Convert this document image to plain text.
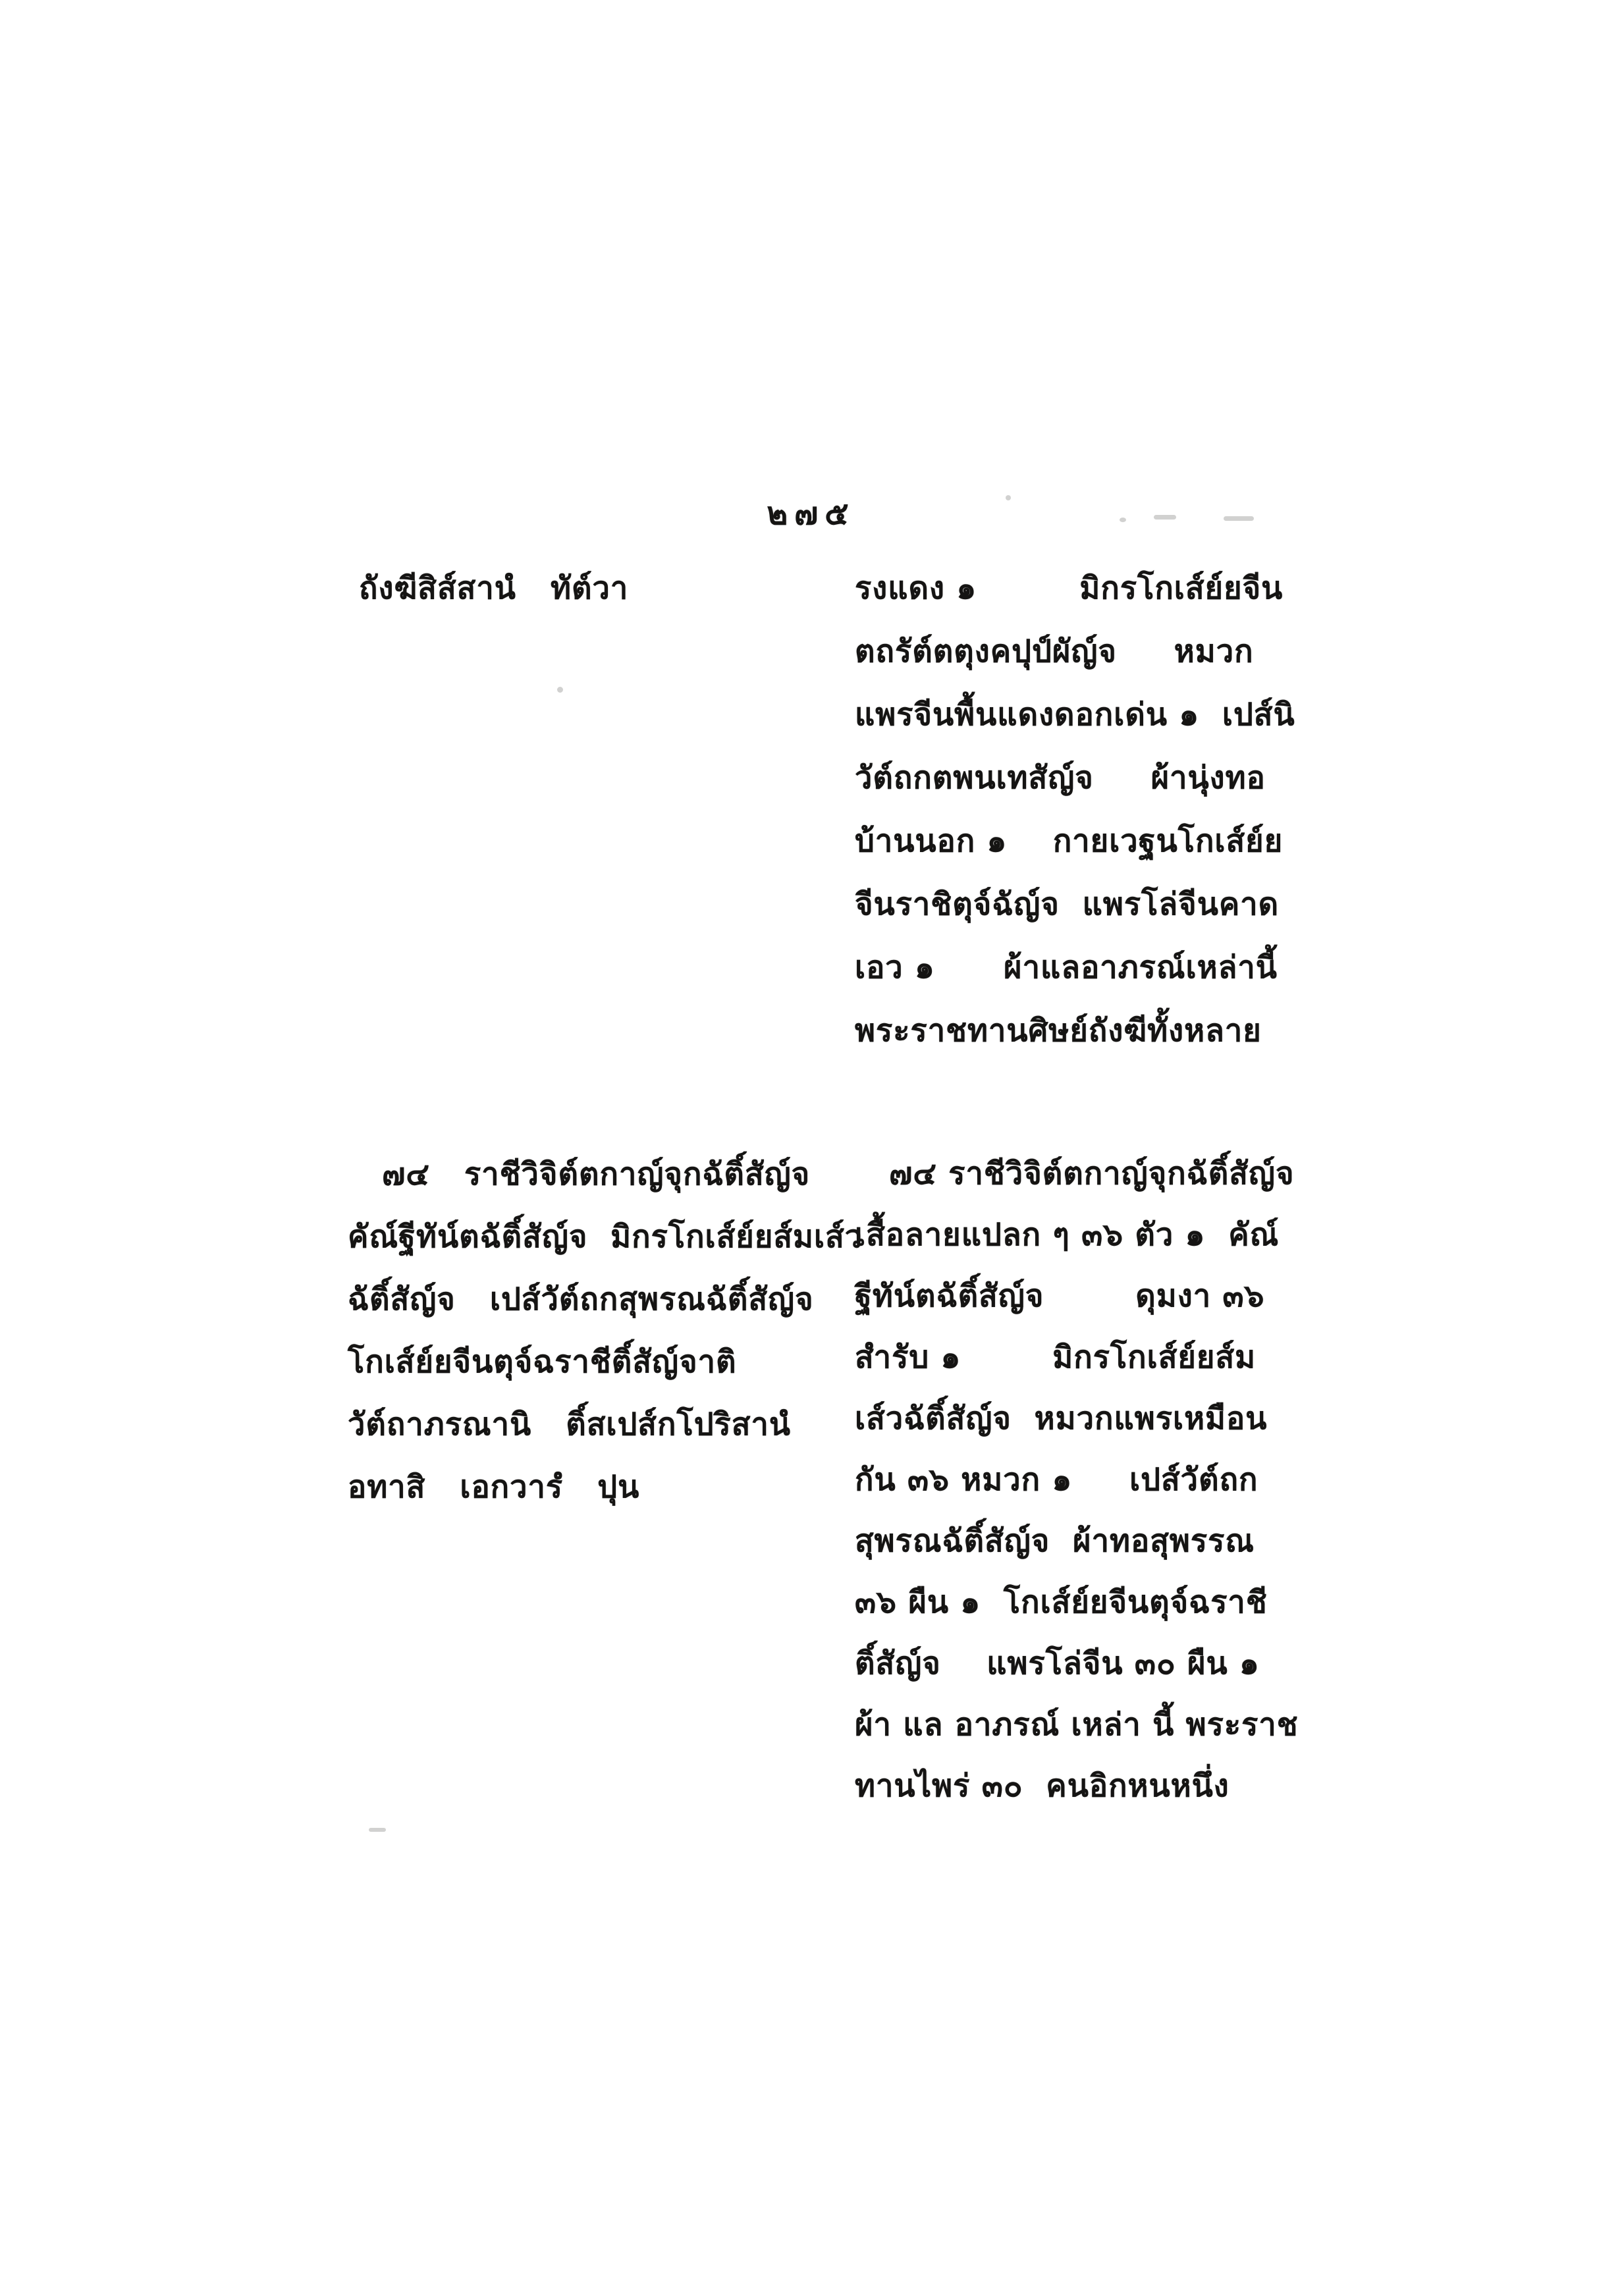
๒๗๕
ถังฆีสิส์สานํ   ทัต์วา	รงแดง ๑         มิกรโกเส์ย์ยจีน
ตถรัต์ตตุงคปุป์ผัญ์จ     หมวก
แพรจีนพื้นแดงดอกเด่น ๑  เปส์นิ
วัต์ถกตพนเทสัญ์จ     ผ้านุ่งทอ
บ้านนอก ๑    กายเวฐนโกเส์ย์ย
จีนราชิตุจ์ฉัญ์จ  แพรโล่จีนคาด
เอว ๑      ผ้าแลอาภรณ์เหล่านี้
พระราชทานศิษย์ถังฆีทั้งหลาย
๗๔   ราชีวิจิต์ตกาญ์จุกฉัติ์สัญ์จ
คัณ์ฐีทัน์ตฉัติ์สัญ์จ  มิกรโกเส์ย์ยส์มเส์ว
ฉัติ์สัญ์จ   เปส์วัต์ถกสุพรณฉัติ์สัญ์จ
โกเส์ย์ยจีนตุจ์ฉราชีติ์สัญ์จาติ
วัต์ถาภรณานิ   ติ์สเปส์กโปริสานํ
อทาสิ   เอกวารํ   ปุน
๗๔ ราชีวิจิต์ตกาญ์จุกฉัติ์สัญ์จ
เสื้อลายแปลก ๆ ๓๖ ตัว ๑  คัณ์
ฐีทัน์ตฉัติ์สัญ์จ        ดุมงา ๓๖
สำรับ ๑        มิกรโกเส์ย์ยส์ม
เส์วฉัติ์สัญ์จ  หมวกแพรเหมือน
กัน ๓๖ หมวก ๑     เปส์วัต์ถก
สุพรณฉัติ์สัญ์จ  ผ้าทอสุพรรณ
๓๖ ผืน ๑  โกเส์ย์ยจีนตุจ์ฉราชี
ติ์สัญ์จ    แพรโล่จีน ๓๐ ผืน ๑
ผ้า แล อาภรณ์ เหล่า นี้ พระราช
ทานไพร่ ๓๐  คนอิกหนหนึ่ง
